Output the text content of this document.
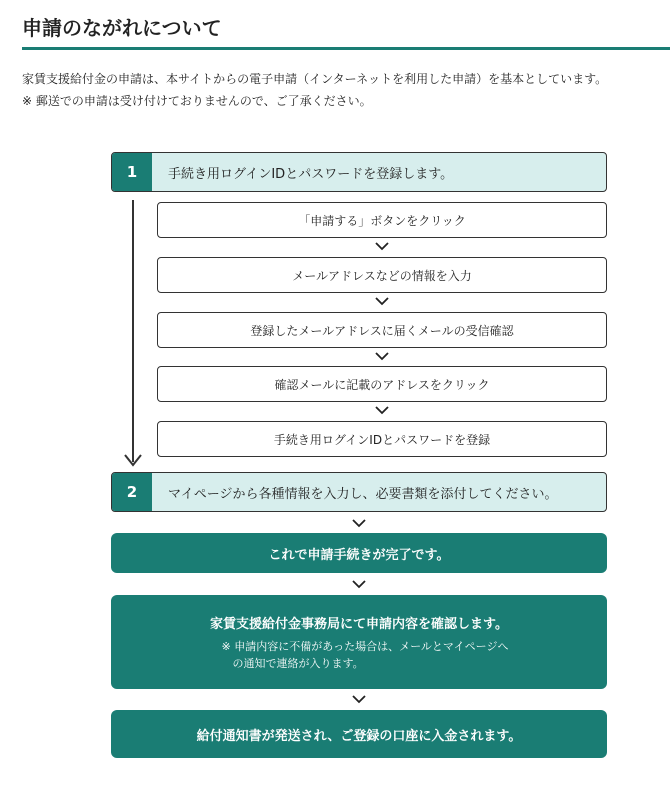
申請のながれについて

家賃支援給付金の申請は、本サイトからの電子申請（インターネットを利用した申請）を基本としています。

※ 郵送での申請は受け付けておりませんので、ご了承ください。

1	手続き用ログインIDとパスワードを登録します。
「申請する」ボタンをクリック
メールアドレスなどの情報を入力
登録したメールアドレスに届くメールの受信確認
確認メールに記載のアドレスをクリック
手続き用ログインIDとパスワードを登録
2	マイページから各種情報を入力し、必要書類を添付してください。
これで申請手続きが完了です。
家賃支援給付金事務局にて申請内容を確認します。
※ 申請内容に不備があった場合は、メールとマイページへ
　の通知で連絡が入ります。
給付通知書が発送され、ご登録の口座に入金されます。
